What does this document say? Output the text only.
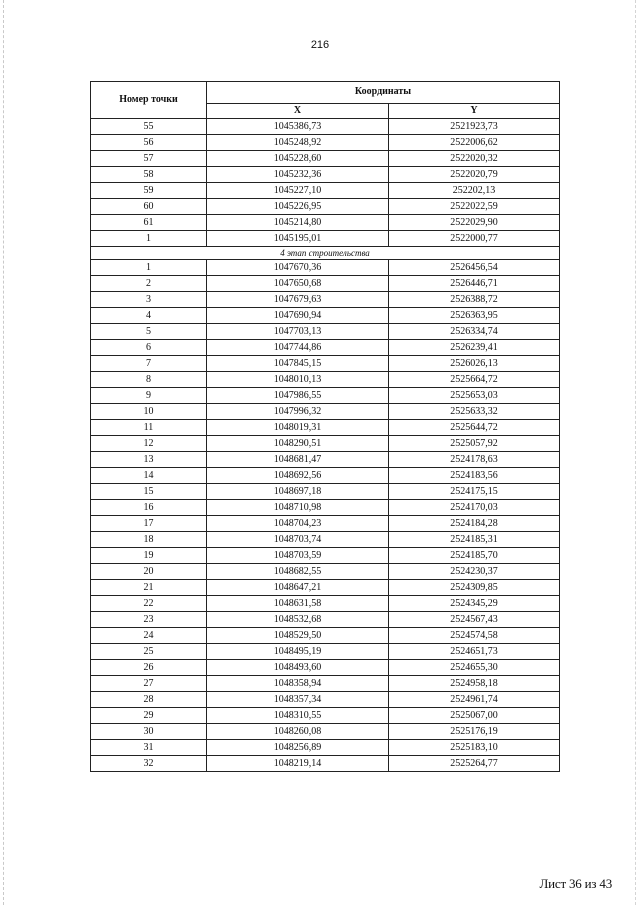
216
Номер точки	Координаты	
	X	Y
55	1045386,73	2521923,73
56	1045248,92	2522006,62
57	1045228,60	2522020,32
58	1045232,36	2522020,79
59	1045227,10	252202,13
60	1045226,95	2522022,59
61	1045214,80	2522029,90
1	1045195,01	2522000,77
4 этап строительства		
1	1047670,36	2526456,54
2	1047650,68	2526446,71
3	1047679,63	2526388,72
4	1047690,94	2526363,95
5	1047703,13	2526334,74
6	1047744,86	2526239,41
7	1047845,15	2526026,13
8	1048010,13	2525664,72
9	1047986,55	2525653,03
10	1047996,32	2525633,32
11	1048019,31	2525644,72
12	1048290,51	2525057,92
13	1048681,47	2524178,63
14	1048692,56	2524183,56
15	1048697,18	2524175,15
16	1048710,98	2524170,03
17	1048704,23	2524184,28
18	1048703,74	2524185,31
19	1048703,59	2524185,70
20	1048682,55	2524230,37
21	1048647,21	2524309,85
22	1048631,58	2524345,29
23	1048532,68	2524567,43
24	1048529,50	2524574,58
25	1048495,19	2524651,73
26	1048493,60	2524655,30
27	1048358,94	2524958,18
28	1048357,34	2524961,74
29	1048310,55	2525067,00
30	1048260,08	2525176,19
31	1048256,89	2525183,10
32	1048219,14	2525264,77
Лист 36 из 43
